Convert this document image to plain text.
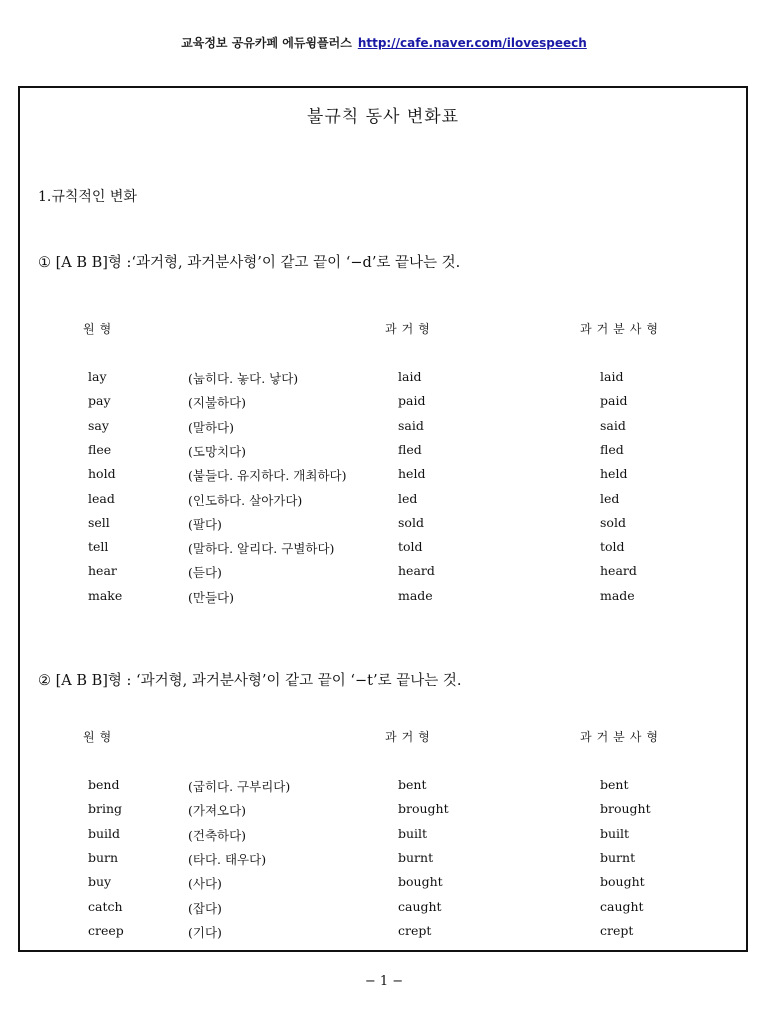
교육정보 공유카페 에듀윙플러스 http://cafe.naver.com/ilovespeech
불규칙 동사 변화표
1.규칙적인 변화
① [A B B]형 :‘과거형, 과거분사형’이 같고 끝이 ‘−d’로 끝나는 것.
원형	과거형	과거분사형
lay	(눕히다. 놓다. 낳다)	laid	laid
pay	(지불하다)	paid	paid
say	(말하다)	said	said
flee	(도망치다)	fled	fled
hold	(붙들다. 유지하다. 개최하다)	held	held
lead	(인도하다. 살아가다)	led	led
sell	(팔다)	sold	sold
tell	(말하다. 알리다. 구별하다)	told	told
hear	(듣다)	heard	heard
make	(만들다)	made	made
② [A B B]형 : ‘과거형, 과거분사형’이 같고 끝이 ‘−t’로 끝나는 것.
원형	과거형	과거분사형
bend	(굽히다. 구부리다)	bent	bent
bring	(가져오다)	brought	brought
build	(건축하다)	built	built
burn	(타다. 태우다)	burnt	burnt
buy	(사다)	bought	bought
catch	(잡다)	caught	caught
creep	(기다)	crept	crept
− 1 −
